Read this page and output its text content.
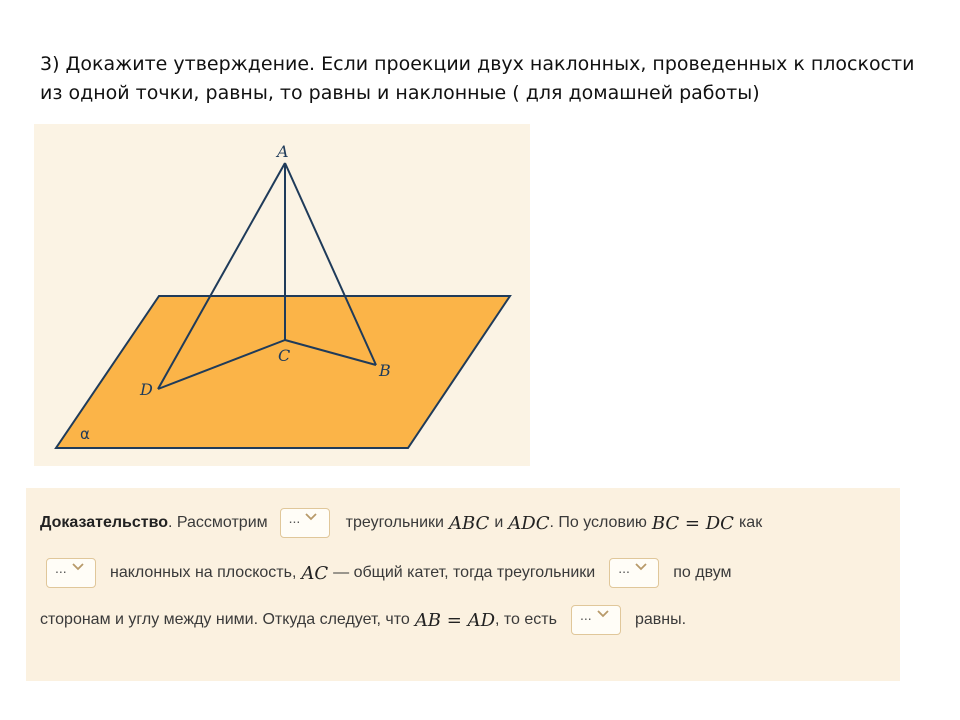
3) Докажите утверждение. Если проекции двух наклонных, проведенных к плоскости
из одной точки, равны, то равны и наклонные ( для домашней работы)
A
B
C
D
α
Доказательство . Рассмотрим	...	треугольники ABC и ADC . По условию BC = DC как
...	наклонных на плоскость, AC — общий катет, тогда треугольники	...	по двум
сторонам и углу между ними. Откуда следует, что AB = AD , то есть	...	равны.
